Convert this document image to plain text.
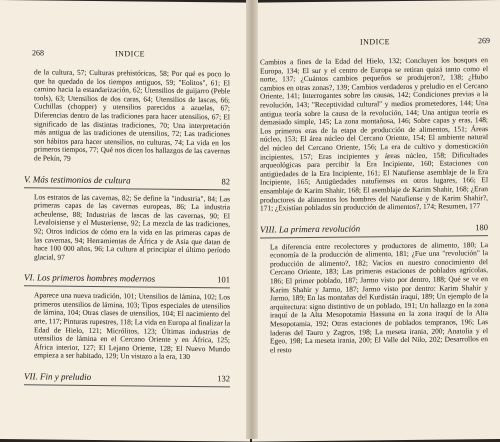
268	INDICE
de la cultura, 57; Culturas prehistóricas, 58; Por qué es poco lo que ha quedado de los tiempos antiguos, 59; "Eolitos", 61; El camino hacia la estandarización, 62; Utensilios de guijarro (Peble tools), 63; Utensilios de dos caras, 64; Utensilios de lascas, 66; Cuchillas (chopper) y utensilios parecidos a azuelas, 67; Diferencias dentro de las tradiciones para hacer utensilios, 67; El significado de las distintas tradiciones, 70; Una interpretación más antigua de las tradiciones de utensilios, 72; Las tradiciones son hábitos para hacer utensilios, no culturas, 74; La vida en los primeros tiempos, 77; Qué nos dicen los hallazgos de las cavernas de Pekín, 79
V. Más testimonios de cultura	82
Los estratos de las cavernas, 82; Se define la "industria", 84; Las primeras capas de las cavernas europeas, 86; La industria acheulense, 88; Industrias de lascas de las cavernas, 90; El Levaloisiense y el Musteriense, 92; La mezcla de las tradiciones, 92; Otros indicios de cómo era la vida en las primeras capas de las cavernas, 94; Herramientas de África y de Asia que datan de hace 100 000 años, 96; La cultura al principiar el último período glacial, 97
VI. Los primeros hombres modernos	101
Aparece una nueva tradición, 101; Utensilios de lámina, 102; Los primeros utensilios de lámina, 103; Tipos especiales de utensilios de lámina, 104; Otras clases de utensilios, 104; El nacimiento del arte, 117; Pinturas rupestres, 118; La vida en Europa al finalizar la Edad de Hielo, 121; Micrólitos, 123; Últimas industrias de utensilios de lámina en el Cercano Oriente y en África, 125; África interior, 127; El Lejano Oriente, 128; El Nuevo Mundo empieza a ser habitado, 129; Un vistazo a la era, 130
VII. Fin y preludio	132
INDICE	269
Cambios a fines de la Edad del Hielo, 132; Concluyen los bosques en Europa, 134; El sur y el centro de Europa se retiran quizá tanto como el norte, 137; ¿Cuántos cambios pequeños se produjeron?, 138; ¿Hubo cambios en otras zonas?, 139; Cambios verdaderos y preludio en el Cercano Oriente, 141; Interrogantes sobre las causas, 142; Condiciones previas a la revolución, 143; "Receptividad cultural" y medios prometedores, 144; Una antigua teoría sobre la causa de la revolución, 144; Una antigua teoría es demasiado simple, 145; La zona montañosa, 146; Sobre capas y eras, 148; Los primeros eras de la etapa de producción de alimentos, 151; Áreas núcleo, 153; El área núcleo del Cercano Oriente, 154; El ambiente natural del núcleo del Cercano Oriente, 156; La era de cultivo y domesticación incipientes, 157; Eras incipientes y áreas núcleo, 158; Dificultades arqueológicas para percibir la Era Incipiente, 160; Estaciones con antigüedades de la Era Incipiente, 161; El Natufiense asemblaje de la Era Incipiente, 165; Antigüedades natufienses en otros lugares, 166; El ensamblaje de Karim Shahir, 168; El asemblaje de Karim Shahir, 168; ¿Eran productores de alimentos los hombres del Natufiense y de Karim Shahir?, 171; ¿Existían poblados sin producción de alimentos?, 174; Resumen, 177
VIII. La primera revolución	180
La diferencia entre recolectores y productores de alimento, 180; La economía de la producción de alimento, 181; ¿Fue una "revolución" la producción de alimento?, 182; Vacíos en nuestro conocimiento del Cercano Oriente, 183; Las primeras estaciones de poblados agrícolas, 186; El primer poblado, 187; Jarmo visto por dentro, 188; Qué se ve en Karim Shahir y Jarmo, 187; Jarmo visto por dentro: Karim Shahir y Jarmo, 189; En las montañas del Kurdistán iraquí, 189; Un ejemplo de la arquitectura: signo distintivo de un poblado, 191; Un hallazgo en la zona iraquí de la Alta Mesopotamia Hassuna en la zona iraquí de la Alta Mesopotamia, 192; Otras estaciones de poblados tempranos, 196; Las laderas del Tauro y Zagros, 198; La meseta irania, 200; Anatolia y el Egeo, 198; La meseta irania, 200; El Valle del Nilo, 202; Desarrollos en el resto
